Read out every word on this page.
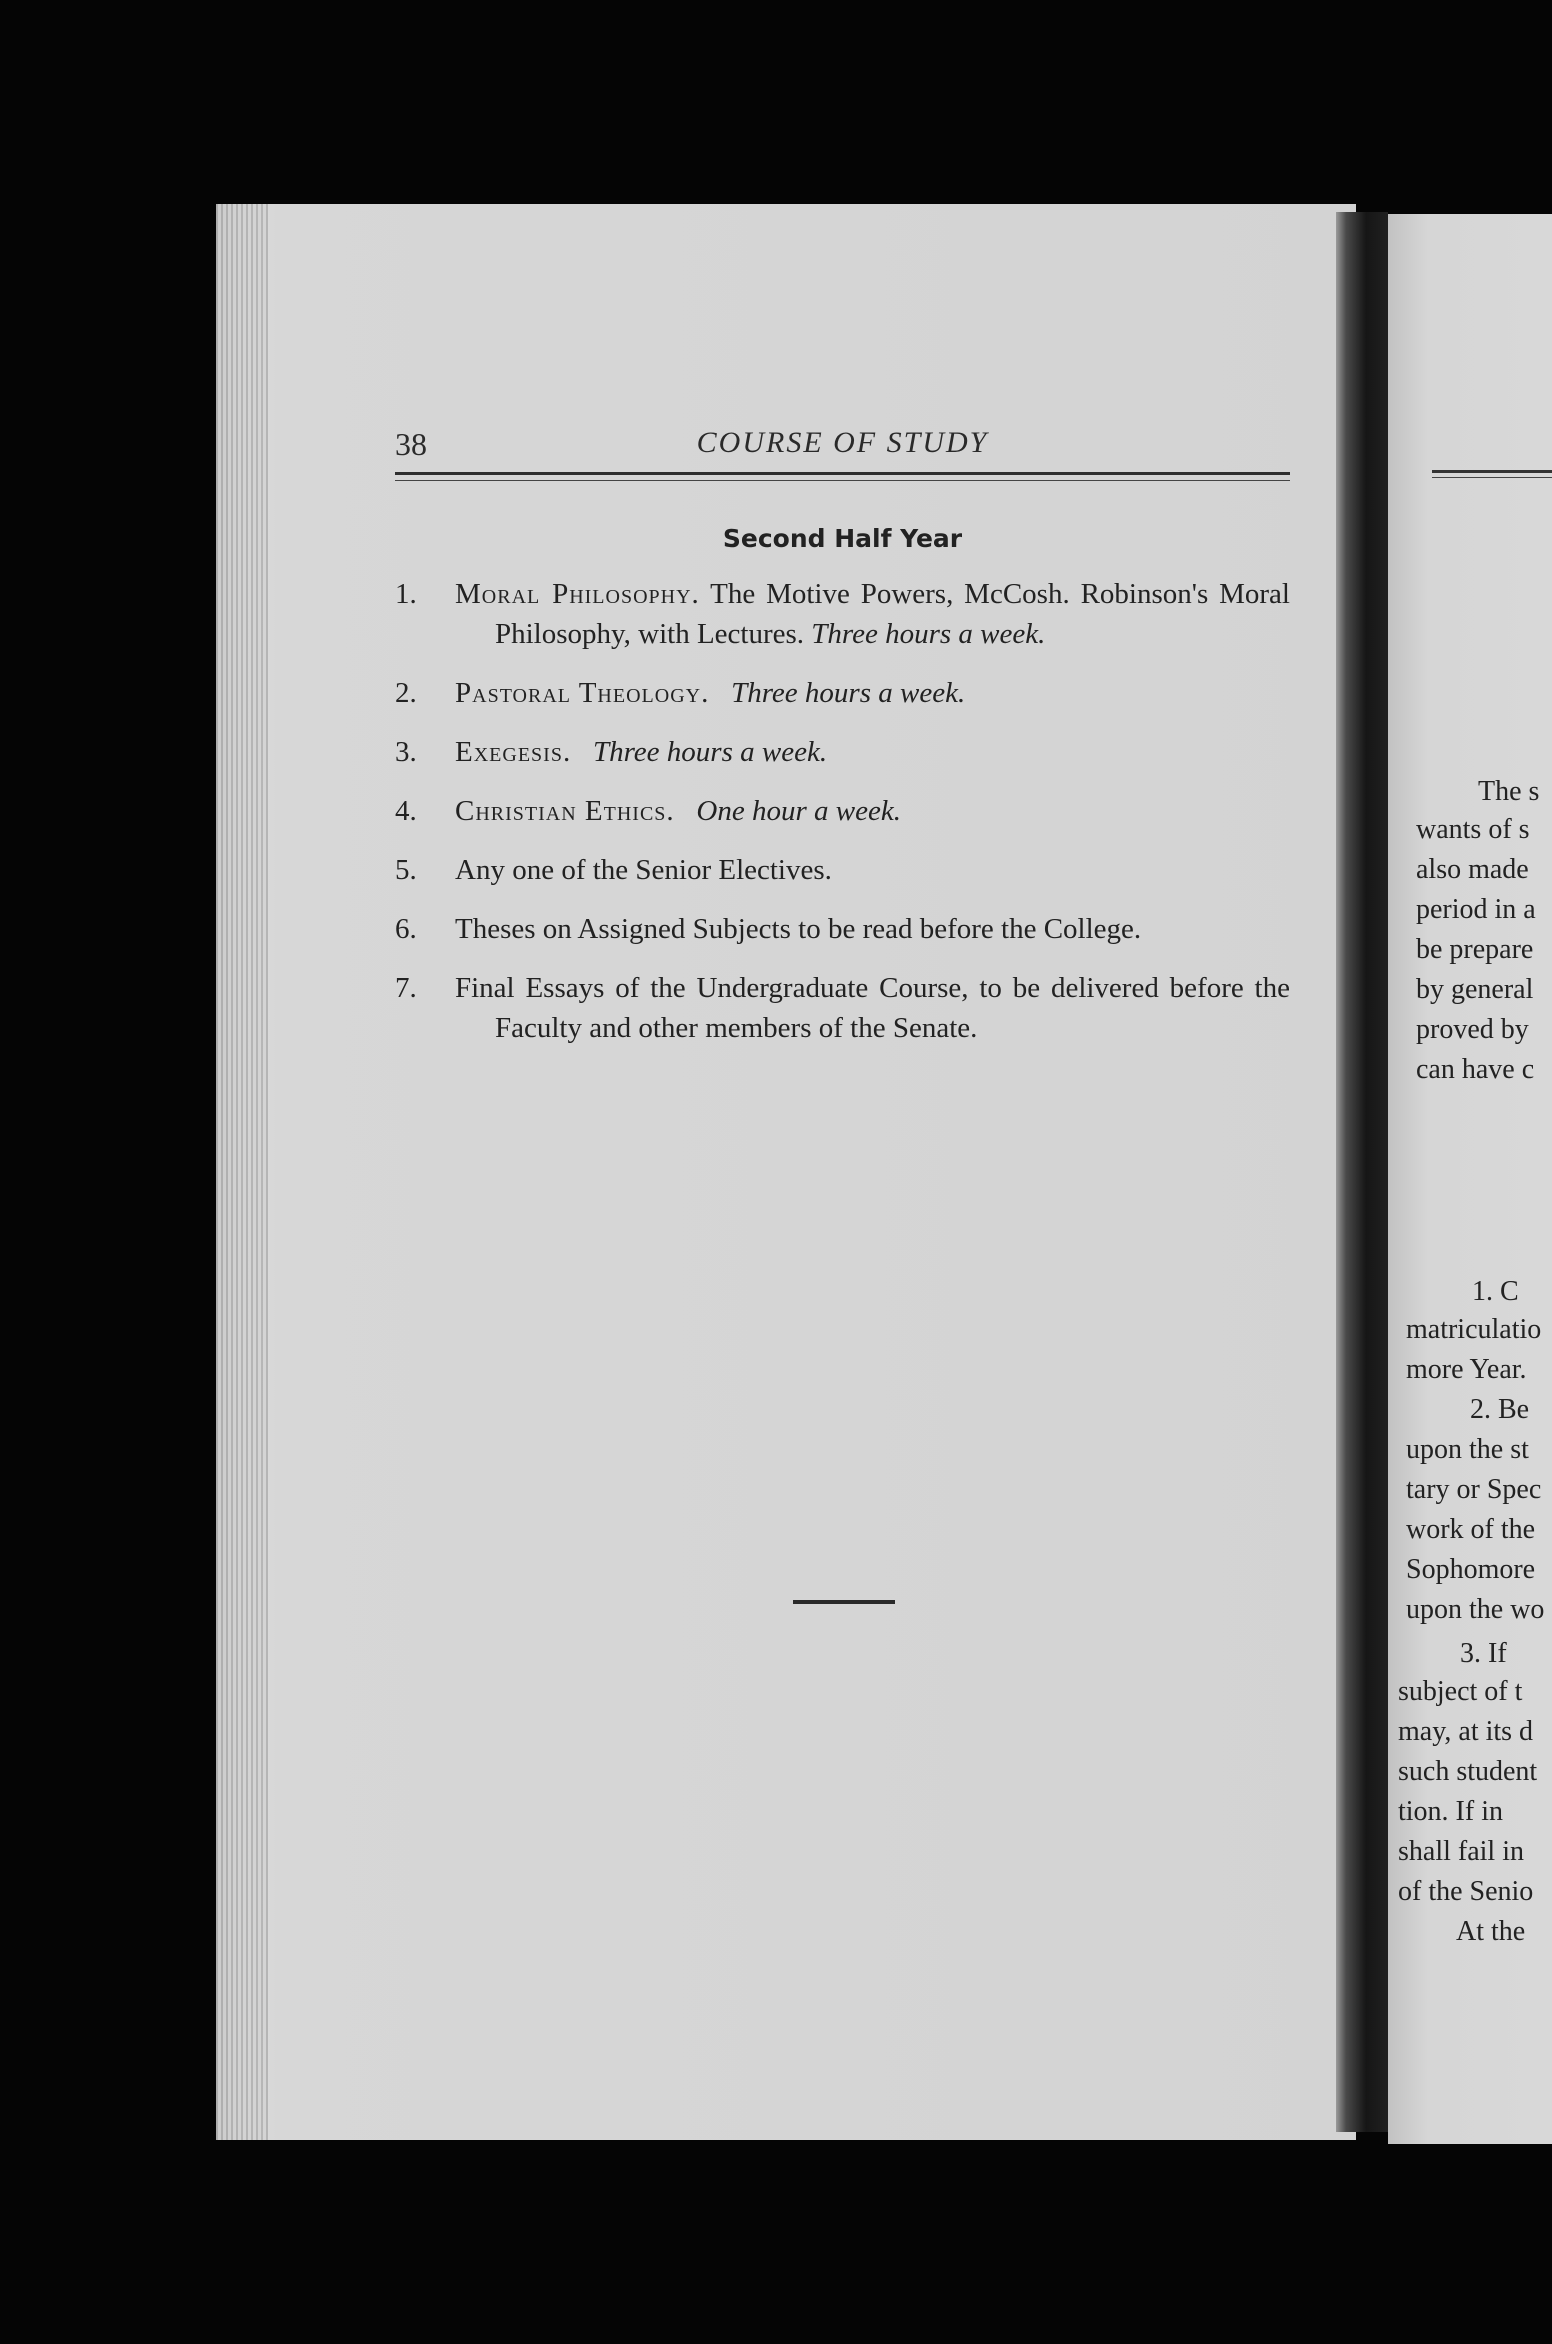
The s
wants of s
also made
period in a
be prepare
by general
proved by
can have c
1. C
matriculatio
more Year.
2. Be
upon the st
tary or Spec
work of the
Sophomore
upon the wo
3. If
subject of t
may, at its d
such student
tion. If in
shall fail in
of the Senio
At the
38	COURSE OF STUDY
Second Half Year
1. Moral Philosophy. The Motive Powers, McCosh. Robinson's Moral Philosophy, with Lectures. Three hours a week.
2. Pastoral Theology. Three hours a week.
3. Exegesis. Three hours a week.
4. Christian Ethics. One hour a week.
5. Any one of the Senior Electives.
6. Theses on Assigned Subjects to be read before the College.
7. Final Essays of the Undergraduate Course, to be delivered before the Faculty and other members of the Senate.
